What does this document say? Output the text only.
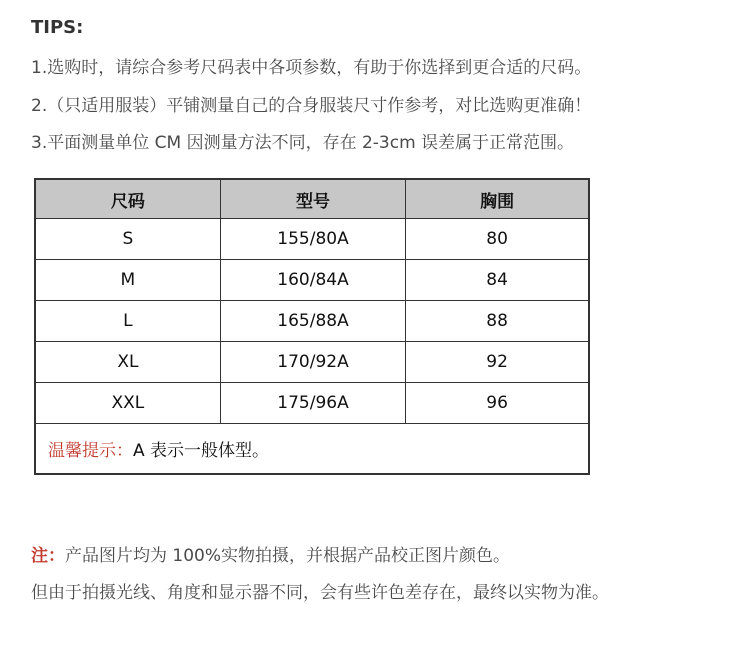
TIPS:
1.选购时，请综合参考尺码表中各项参数，有助于你选择到更合适的尺码。
2.（只适用服装）平铺测量自己的合身服装尺寸作参考，对比选购更准确！
3.平面测量单位 CM 因测量方法不同，存在 2-3cm 误差属于正常范围。
尺码	型号	胸围
S	155/80A	80
M	160/84A	84
L	165/88A	88
XL	170/92A	92
XXL	175/96A	96
温馨提示：A 表示一般体型。		
注：产品图片均为 100%实物拍摄，并根据产品校正图片颜色。
但由于拍摄光线、角度和显示器不同，会有些许色差存在，最终以实物为准。
